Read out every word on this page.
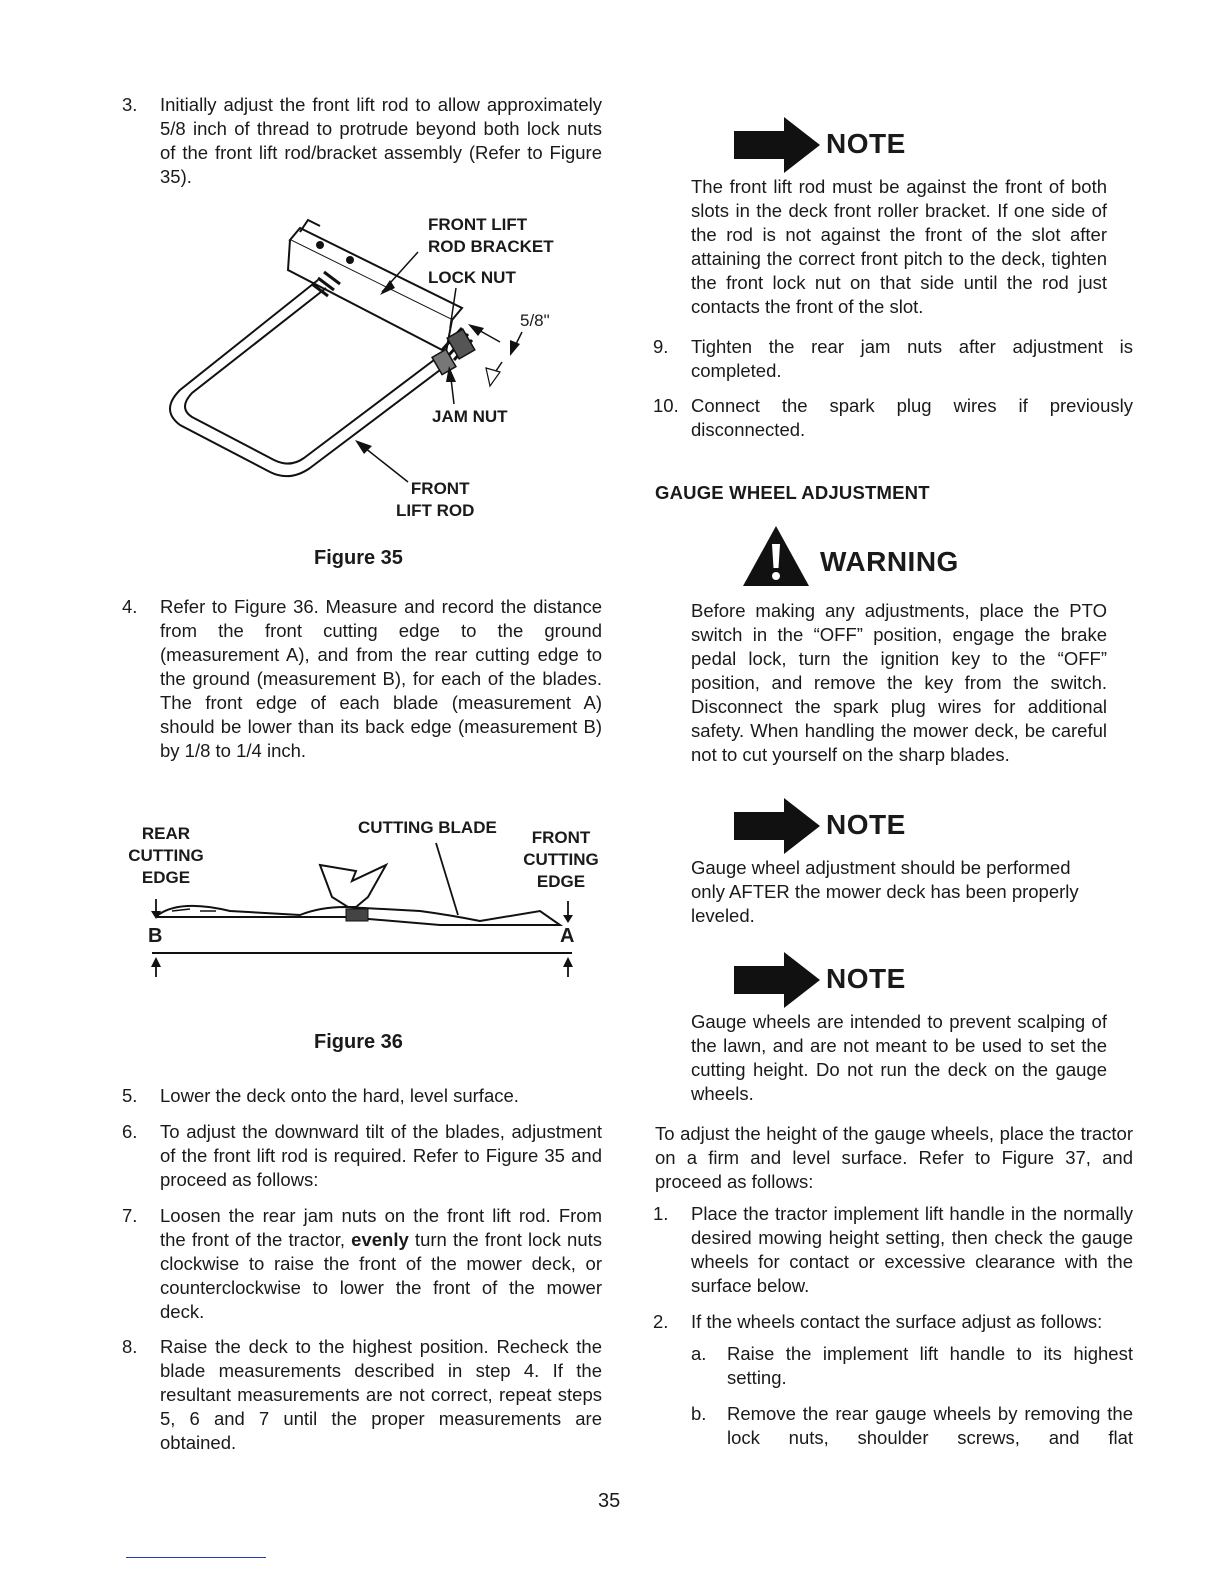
3. Initially adjust the front lift rod to allow approximately 5/8 inch of thread to protrude beyond both lock nuts of the front lift rod/bracket assembly (Refer to Figure 35).
FRONT LIFT
ROD BRACKET
LOCK NUT
5/8"
JAM NUT
FRONT
LIFT ROD
Figure 35
4. Refer to Figure 36. Measure and record the distance from the front cutting edge to the ground (measurement A), and from the rear cutting edge to the ground (measurement B), for each of the blades. The front edge of each blade (measurement A) should be lower than its back edge (measurement B) by 1/8 to 1/4 inch.
REAR
CUTTING
EDGE
CUTTING BLADE
FRONT
CUTTING
EDGE
B	A
Figure 36
5. Lower the deck onto the hard, level surface.
6. To adjust the downward tilt of the blades, adjustment of the front lift rod is required. Refer to Figure 35 and proceed as follows:
7. Loosen the rear jam nuts on the front lift rod. From the front of the tractor, evenly turn the front lock nuts clockwise to raise the front of the mower deck, or counterclockwise to lower the front of the mower deck.
8. Raise the deck to the highest position. Recheck the blade measurements described in step 4. If the resultant measurements are not correct, repeat steps 5, 6 and 7 until the proper measurements are obtained.
NOTE
The front lift rod must be against the front of both slots in the deck front roller bracket. If one side of the rod is not against the front of the slot after attaining the correct front pitch to the deck, tighten the front lock nut on that side until the rod just contacts the front of the slot.
9. Tighten the rear jam nuts after adjustment is completed.
10. Connect the spark plug wires if previously disconnected.
GAUGE WHEEL ADJUSTMENT
WARNING
Before making any adjustments, place the PTO switch in the “OFF” position, engage the brake pedal lock, turn the ignition key to the “OFF” position, and remove the key from the switch. Disconnect the spark plug wires for additional safety. When handling the mower deck, be careful not to cut yourself on the sharp blades.
NOTE
Gauge wheel adjustment should be performed only AFTER the mower deck has been properly leveled.
NOTE
Gauge wheels are intended to prevent scalping of the lawn, and are not meant to be used to set the cutting height. Do not run the deck on the gauge wheels.
To adjust the height of the gauge wheels, place the tractor on a firm and level surface. Refer to Figure 37, and proceed as follows:
1. Place the tractor implement lift handle in the normally desired mowing height setting, then check the gauge wheels for contact or excessive clearance with the surface below.
2. If the wheels contact the surface adjust as follows:
a. Raise the implement lift handle to its highest setting.
b. Remove the rear gauge wheels by removing the lock nuts, shoulder screws, and flat
35
